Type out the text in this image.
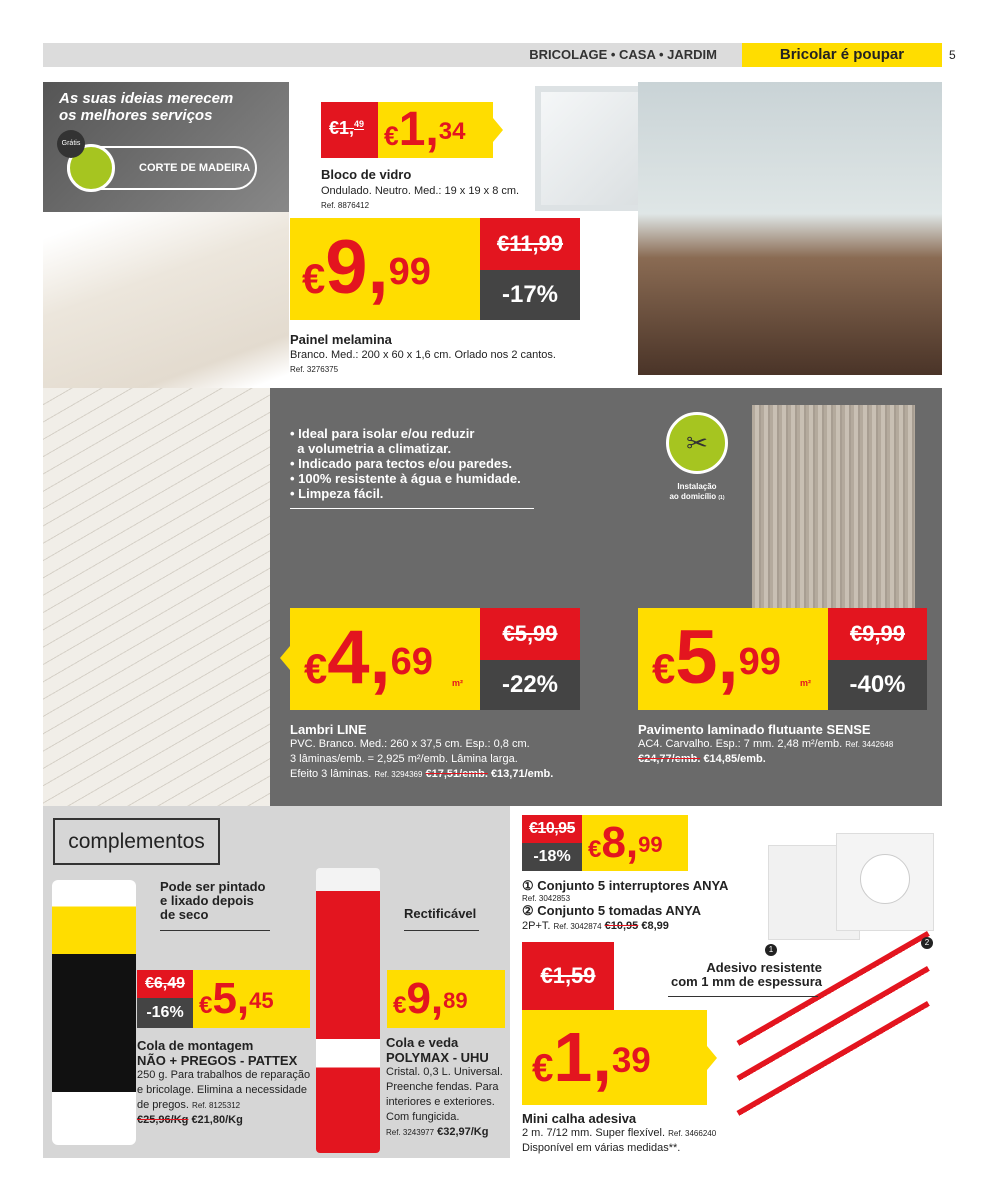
BRICOLAGE • CASA • JARDIM	Bricolar é poupar	5
As suas ideias merecem
os melhores serviços
Grátis
CORTE DE MADEIRA
€1,49 €1,34
Bloco de vidro
Ondulado. Neutro. Med.: 19 x 19 x 8 cm.
Ref. 8876412
€9,99
€11,99
-17%
Painel melamina
Branco. Med.: 200 x 60 x 1,6 cm. Orlado nos 2 cantos.
Ref. 3276375
• Ideal para isolar e/ou reduzir
a volumetria a climatizar.
• Indicado para tectos e/ou paredes.
• 100% resistente à água e humidade.
• Limpeza fácil.
✂
Instalação
ao domicílio (1)
€4,69
m²
€5,99
-22%
Lambri LINE
PVC. Branco. Med.: 260 x 37,5 cm. Esp.: 0,8 cm.
3 lâminas/emb. = 2,925 m²/emb. Lâmina larga.
Efeito 3 lâminas. Ref. 3294369 €17,51/emb. €13,71/emb.
€5,99
m²
€9,99
-40%
Pavimento laminado flutuante SENSE
AC4. Carvalho. Esp.: 7 mm. 2,48 m²/emb. Ref. 3442648
€24,77/emb. €14,85/emb.
complementos
Pode ser pintado
e lixado depois
de seco
€6,49
-16% €5,45
Cola de montagem
NÃO + PREGOS - PATTEX
250 g. Para trabalhos de reparação
e bricolage. Elimina a necessidade
de pregos. Ref. 8125312
€25,96/Kg €21,80/Kg
Rectificável
€9,89
Cola e veda
POLYMAX - UHU
Cristal. 0,3 L. Universal.
Preenche fendas. Para
interiores e exteriores.
Com fungicida.
Ref. 3243977 €32,97/Kg
€10,95
-18% €8,99
① Conjunto 5 interruptores ANYA
Ref. 3042853
② Conjunto 5 tomadas ANYA
2P+T. Ref. 3042874 €10,95 €8,99
1
2
€1,59
€1,39
Adesivo resistente
com 1 mm de espessura
Mini calha adesiva
2 m. 7/12 mm. Super flexível. Ref. 3466240
Disponível em várias medidas**.
